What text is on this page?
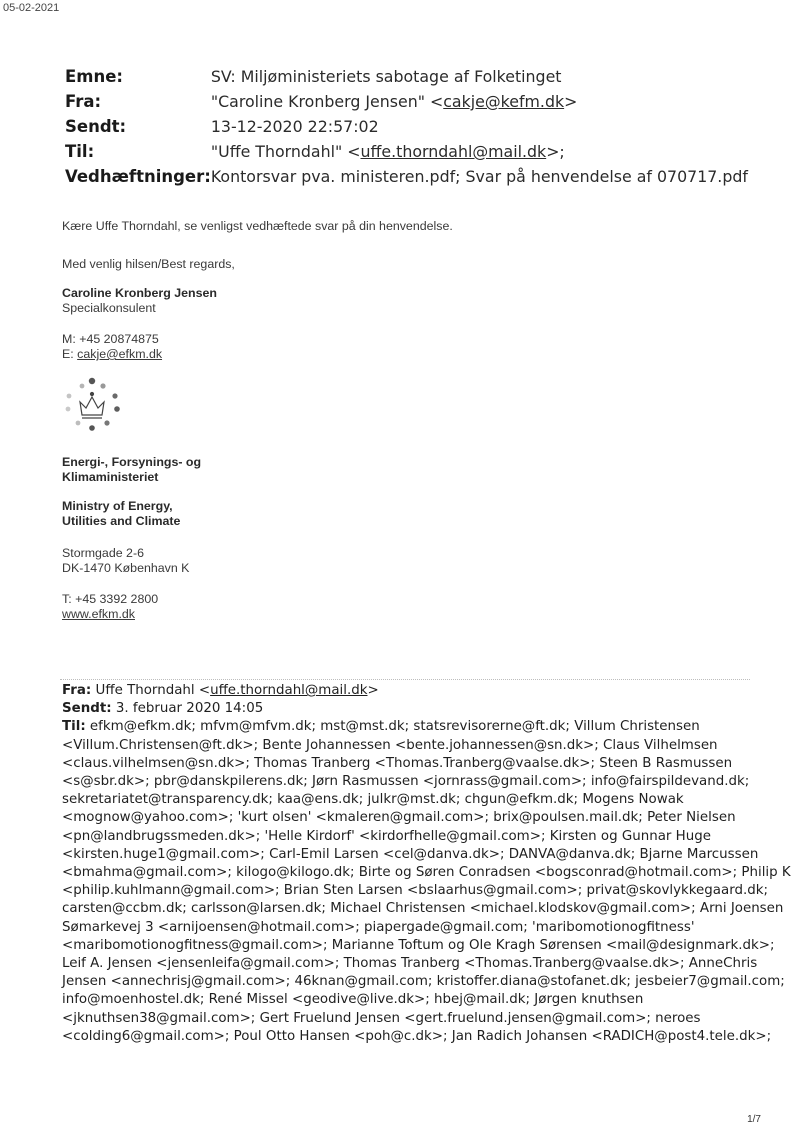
05-02-2021
Emne:	SV: Miljøministeriets sabotage af Folketinget
Fra:	"Caroline Kronberg Jensen" <cakje@kefm.dk>
Sendt:	13-12-2020 22:57:02
Til:	"Uffe Thorndahl" <uffe.thorndahl@mail.dk>;
Vedhæftninger:	Kontorsvar pva. ministeren.pdf; Svar på henvendelse af 070717.pdf
Kære Uffe Thorndahl, se venligst vedhæftede svar på din henvendelse.
Med venlig hilsen/Best regards,
Caroline Kronberg Jensen
Specialkonsulent
M: +45 20874875
E: cakje@efkm.dk
Energi-, Forsynings- og
Klimaministeriet
Ministry of Energy,
Utilities and Climate
Stormgade 2-6
DK-1470 København K
T: +45 3392 2800
www.efkm.dk
Fra: Uffe Thorndahl <uffe.thorndahl@mail.dk>
Sendt: 3. februar 2020 14:05
Til: efkm@efkm.dk; mfvm@mfvm.dk; mst@mst.dk; statsrevisorerne@ft.dk; Villum Christensen
<Villum.Christensen@ft.dk>; Bente Johannessen <bente.johannessen@sn.dk>; Claus Vilhelmsen
<claus.vilhelmsen@sn.dk>; Thomas Tranberg <Thomas.Tranberg@vaalse.dk>; Steen B Rasmussen
<s@sbr.dk>; pbr@danskpilerens.dk; Jørn Rasmussen <jornrass@gmail.com>; info@fairspildevand.dk;
sekretariatet@transparency.dk; kaa@ens.dk; julkr@mst.dk; chgun@efkm.dk; Mogens Nowak
<mognow@yahoo.com>; 'kurt olsen' <kmaleren@gmail.com>; brix@poulsen.mail.dk; Peter Nielsen
<pn@landbrugssmeden.dk>; 'Helle Kirdorf' <kirdorfhelle@gmail.com>; Kirsten og Gunnar Huge
<kirsten.huge1@gmail.com>; Carl-Emil Larsen <cel@danva.dk>; DANVA@danva.dk; Bjarne Marcussen
<bmahma@gmail.com>; kilogo@kilogo.dk; Birte og Søren Conradsen <bogsconrad@hotmail.com>; Philip K
<philip.kuhlmann@gmail.com>; Brian Sten Larsen <bslaarhus@gmail.com>; privat@skovlykkegaard.dk;
carsten@ccbm.dk; carlsson@larsen.dk; Michael Christensen <michael.klodskov@gmail.com>; Arni Joensen
Sømarkevej 3 <arnijoensen@hotmail.com>; piapergade@gmail.com; 'maribomotionogfitness'
<maribomotionogfitness@gmail.com>; Marianne Toftum og Ole Kragh Sørensen <mail@designmark.dk>;
Leif A. Jensen <jensenleifa@gmail.com>; Thomas Tranberg <Thomas.Tranberg@vaalse.dk>; AnneChris
Jensen <annechrisj@gmail.com>; 46knan@gmail.com; kristoffer.diana@stofanet.dk; jesbeier7@gmail.com;
info@moenhostel.dk; René Missel <geodive@live.dk>; hbej@mail.dk; Jørgen knuthsen
<jknuthsen38@gmail.com>; Gert Fruelund Jensen <gert.fruelund.jensen@gmail.com>; neroes
<colding6@gmail.com>; Poul Otto Hansen <poh@c.dk>; Jan Radich Johansen <RADICH@post4.tele.dk>;
1/7
